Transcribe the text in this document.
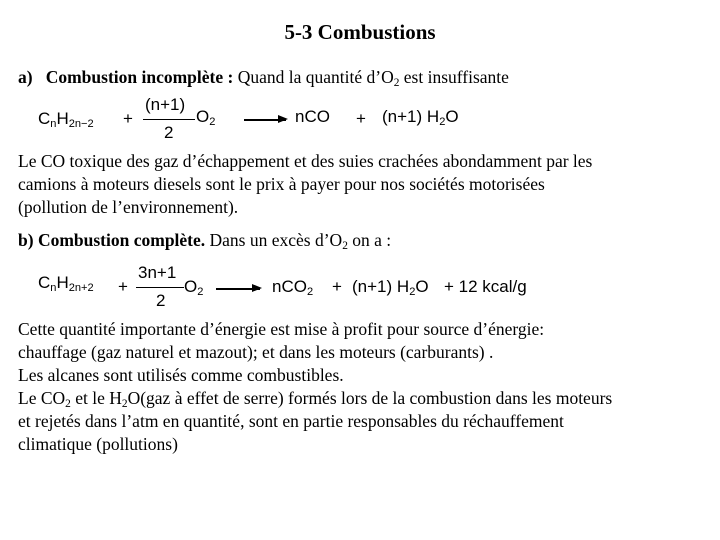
5-3 Combustions
a) Combustion incomplète : Quand la quantité $d’O_2$ est insuffisante
$C_nH_{2n-2}$ +
(n+1)
2
$O_2$	nCO + (n+1) $H_2O$
Le CO toxique des gaz d’échappement et des suies crachées abondamment par les
camions à moteurs diesels sont le prix à payer pour nos sociétés motorisées
(pollution de l’environnement).
b) Combustion complète. Dans un excès $d’O_2$ on a :
$C_nH_{2n+2}$ +
3n+1
2
$O_2$	nCO$_2$ + (n+1) $H_2O + 12$ kcal/g
Cette quantité importante d’énergie est mise à profit pour source d’énergie:
chauffage (gaz naturel et mazout); et dans les moteurs (carburants) .
Les alcanes sont utilisés comme combustibles.
Le $CO_2$ et le $H_2O(gaz$ à effet de serre) formés lors de la combustion dans les moteurs
et rejetés dans l’atm en quantité, sont en partie responsables du réchauffement
climatique (pollutions)
